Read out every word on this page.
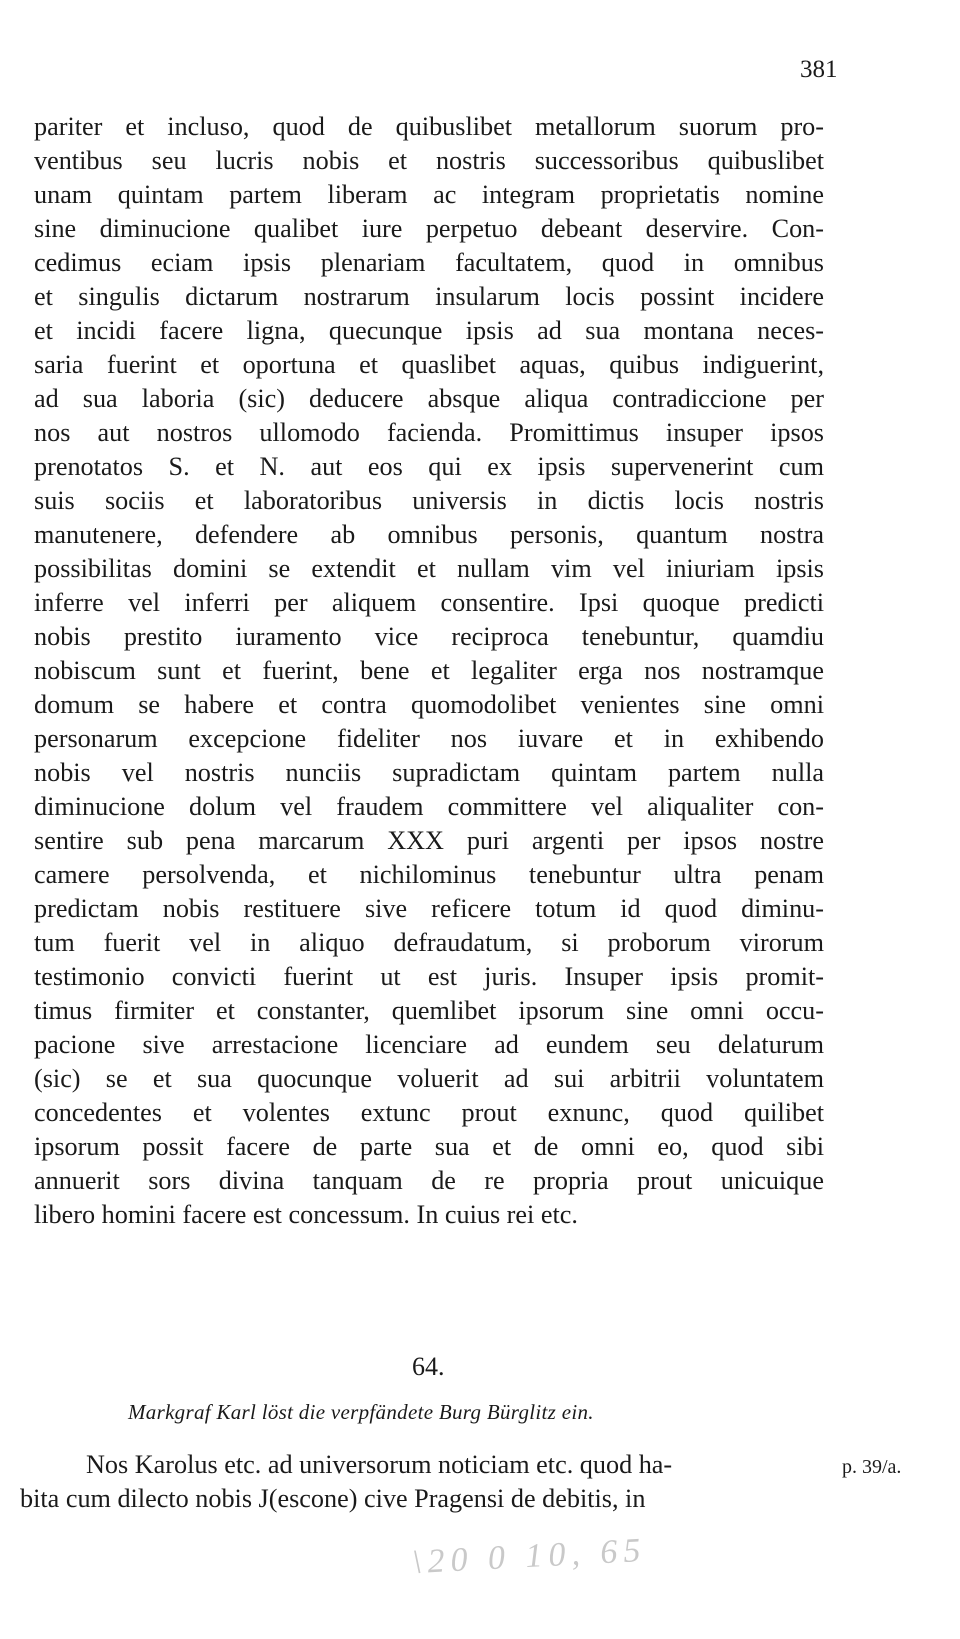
381
pariter et incluso, quod de quibuslibet metallorum suorum pro-
ventibus seu lucris nobis et nostris successoribus quibuslibet
unam quintam partem liberam ac integram proprietatis nomine
sine diminucione qualibet iure perpetuo debeant deservire. Con-
cedimus eciam ipsis plenariam facultatem, quod in omnibus
et singulis dictarum nostrarum insularum locis possint incidere
et incidi facere ligna, quecunque ipsis ad sua montana neces-
saria fuerint et oportuna et quaslibet aquas, quibus indiguerint,
ad sua laboria (sic) deducere absque aliqua contradiccione per
nos aut nostros ullomodo facienda. Promittimus insuper ipsos
prenotatos S. et N. aut eos qui ex ipsis supervenerint cum
suis sociis et laboratoribus universis in dictis locis nostris
manutenere, defendere ab omnibus personis, quantum nostra
possibilitas domini se extendit et nullam vim vel iniuriam ipsis
inferre vel inferri per aliquem consentire. Ipsi quoque predicti
nobis prestito iuramento vice reciproca tenebuntur, quamdiu
nobiscum sunt et fuerint, bene et legaliter erga nos nostramque
domum se habere et contra quomodolibet venientes sine omni
personarum excepcione fideliter nos iuvare et in exhibendo
nobis vel nostris nunciis supradictam quintam partem nulla
diminucione dolum vel fraudem committere vel aliqualiter con-
sentire sub pena marcarum XXX puri argenti per ipsos nostre
camere persolvenda, et nichilominus tenebuntur ultra penam
predictam nobis restituere sive reficere totum id quod diminu-
tum fuerit vel in aliquo defraudatum, si proborum virorum
testimonio convicti fuerint ut est juris. Insuper ipsis promit-
timus firmiter et constanter, quemlibet ipsorum sine omni occu-
pacione sive arrestacione licenciare ad eundem seu delaturum
(sic) se et sua quocunque voluerit ad sui arbitrii voluntatem
concedentes et volentes extunc prout exnunc, quod quilibet
ipsorum possit facere de parte sua et de omni eo, quod sibi
annuerit sors divina tanquam de re propria prout unicuique
libero homini facere est concessum. In cuius rei etc.
64.
Markgraf Karl löst die verpfändete Burg Bürglitz ein.
Nos Karolus etc. ad universorum noticiam etc. quod ha-
bita cum dilecto nobis J(escone) cive Pragensi de debitis, in
p. 39/a.
\20 0 10, 65
